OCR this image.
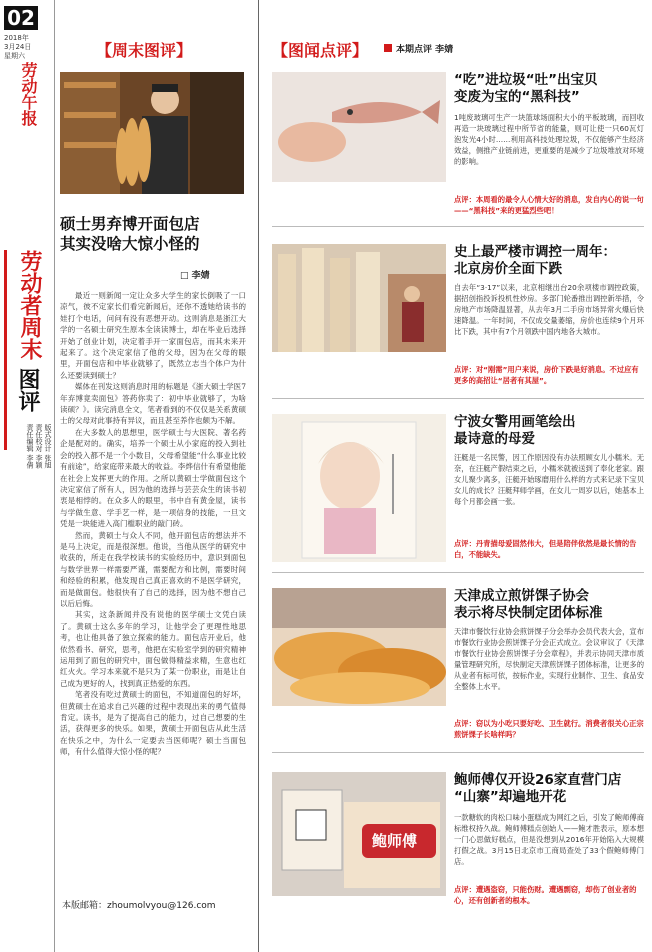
02
2018年
3月24日
星期六
劳动午报
劳动者周末
图评
版式设计 张旭
责任校对 李颖
责任编辑 李倩
【周末图评】
硕士男弃博开面包店
其实没啥大惊小怪的
□ 李婧

最近一则新闻一定让众多大学生的家长倒吸了一口凉气，彼不定家长们看完新闻后，还你不透她给读书的娃打个电话，问问有没有恶想开动。这则消息是浙江大学的一名硕士研究生原本全读读博士，却在毕业后选择开始了创业计划，决定着手开一家面包店，而其未来开起来了。这个决定家信了他的父母，因为在父母的眼里，开面包店和中毕业就够了，既然立志当个体户为什么还要读到硕士？

媒体在刊发这则消息时用的标题是《浙大硕士学医7年弃博竟卖面包》答药你卖了：初中毕业就够了，为啥读硕？》。读完消息全文，笔者看到的不仅仅是关系黄硕士的父母对此事持有异议，而且甚至养作也颇为不解。

在大多数人的思想里，医学硕士与大医院、著名药企是配对的。确实，培养一个硕士从小家庭的投入到社会的投入都不是一个小数目，父母希望能“什么事业比较有前途”，给家庭带来最大的收益。李烨信什有希望他能在社会上发挥更大的作用。之所以黄硕士学做面包这个决定家信了所有人，因为他的选择与芸芸众生的读书初衷是相悖的。在众多人的眼里，书中自有黄金屋，读书与学做生意、学手艺一样，是一项信身的技能，一旦文凭是一块能进入高门槛职业的敲门砖。

然而，黄硕士与众人不同，他开面包店的想法并不是马上决定，而是很深想。他说，当他从医学的研究中收获的，所走在我学校读书的实验经历中，意识到面包与数学世界一样需要严谨，需要配方和比例，需要时间和经验的积累，他发现自己真正喜欢的不是医学研究，而是做面包。他很快有了自己的选择，因为他不想自己以后后悔。

其实，这条新闻并没有说他的医学硕士文凭白读了。黄硕士这么多年的学习，让他学会了更理性地思考，也让他具备了独立探索的能力。面包店开业后，他依然看书、研究，思考，他把在实验室学到的研究精神运用到了面包的研究中，面包做得精益求精，生意也红红火火。学习本来就不是只为了某一份职业，而是让自己成为更好的人，找到真正热爱的东西。

笔者没有吃过黄硕士的面包，不知道面包的好坏，但黄硕士在追求自己兴趣的过程中表现出来的勇气值得肯定。读书，是为了提高自己的能力，过自己想要的生活，获得更多的快乐。如果，黄硕士开面包店从此生活在快乐之中，为什么一定要去当医师呢？硕士当面包师，有什么值得大惊小怪的呢？

本版邮箱：zhoumolvyou@126.com
【图闻点评】	本期点评 李婧
“吃”进垃圾“吐”出宝贝
变废为宝的“黑科技”
1吨废玻璃可生产一块篮球场面积大小的平板玻璃，而回收再造一块玻璃过程中所节省的能量，则可让使一只60瓦灯泡发光4小时……利用高科技处理垃圾，不仅能够产生经济效益，侧推产业链前进，更重要的是减少了垃圾堆放对环境的影响。
点评：本周看的最令人心情大好的消息，发自内心的说一句——“黑科技”来的更猛烈些吧！
史上最严楼市调控一周年：
北京房价全面下跌
自去年“3·17”以来，北京相继出台20余项楼市调控政策，据招创指投诉投机性炒房。多部门轮番推出调控新举措，令房地产市场降温显著，从去年3月二手房市场异常火爆后快速降温。一年时间，不仅成交量萎缩，房价也连续9个月环比下跌，其中有7个月领跌中国内地各大城市。
点评：对“刚需”用户来说，房价下跌是好消息。不过应有更多的高招让“居者有其屋”。
宁波女警用画笔绘出
最诗意的母爱
汪艇是一名民警，因工作原因没有办法照顾女儿小糯米。无奈，在汪艇产假结束之后，小糯米就被送到了奉化老家。跟女儿聚少离多，汪艇开始琢磨用什么样的方式来记录下宝贝女儿的成长？汪艇拜师学画，在女儿一周岁以后，她基本上每个月都会画一张。
点评：丹青描母爱固然伟大，但是陪伴依然是最长情的告白，不能缺失。
天津成立煎饼馃子协会
表示将尽快制定团体标准
天津市餐饮行业协会煎饼馃子分会举办会员代表大会，宣布市餐饮行业协会煎饼馃子分会正式成立。会议审议了《天津市餐饮行业协会煎饼馃子分会章程》，并表示协同天津市质量管理研究所，尽快制定天津煎饼馃子团体标准，让更多的从业者有标可依，按标作业，实现行业制作、卫生、食品安全整体上水平。
点评：窃以为小吃只要好吃、卫生就行。消费者很关心正宗煎饼馃子长啥样吗？
鲍师傅
鲍师傅仅开设26家直营门店
“山寨”却遍地开花
一款糖软的肉松口味小蛋糕成为网红之后，引发了鲍师傅商标维权持久战。鲍师傅糕点创始人——鲍才胜表示，原本想一门心思做好糕点，但是没想到从2016年开始陷入大规模打假之战。3月15日北京市工商局查处了33个假鲍师傅门店。
点评：遭遇盗窃，只能伤财。遭遇剽窃，却伤了创业者的心，还有创新者的根本。
